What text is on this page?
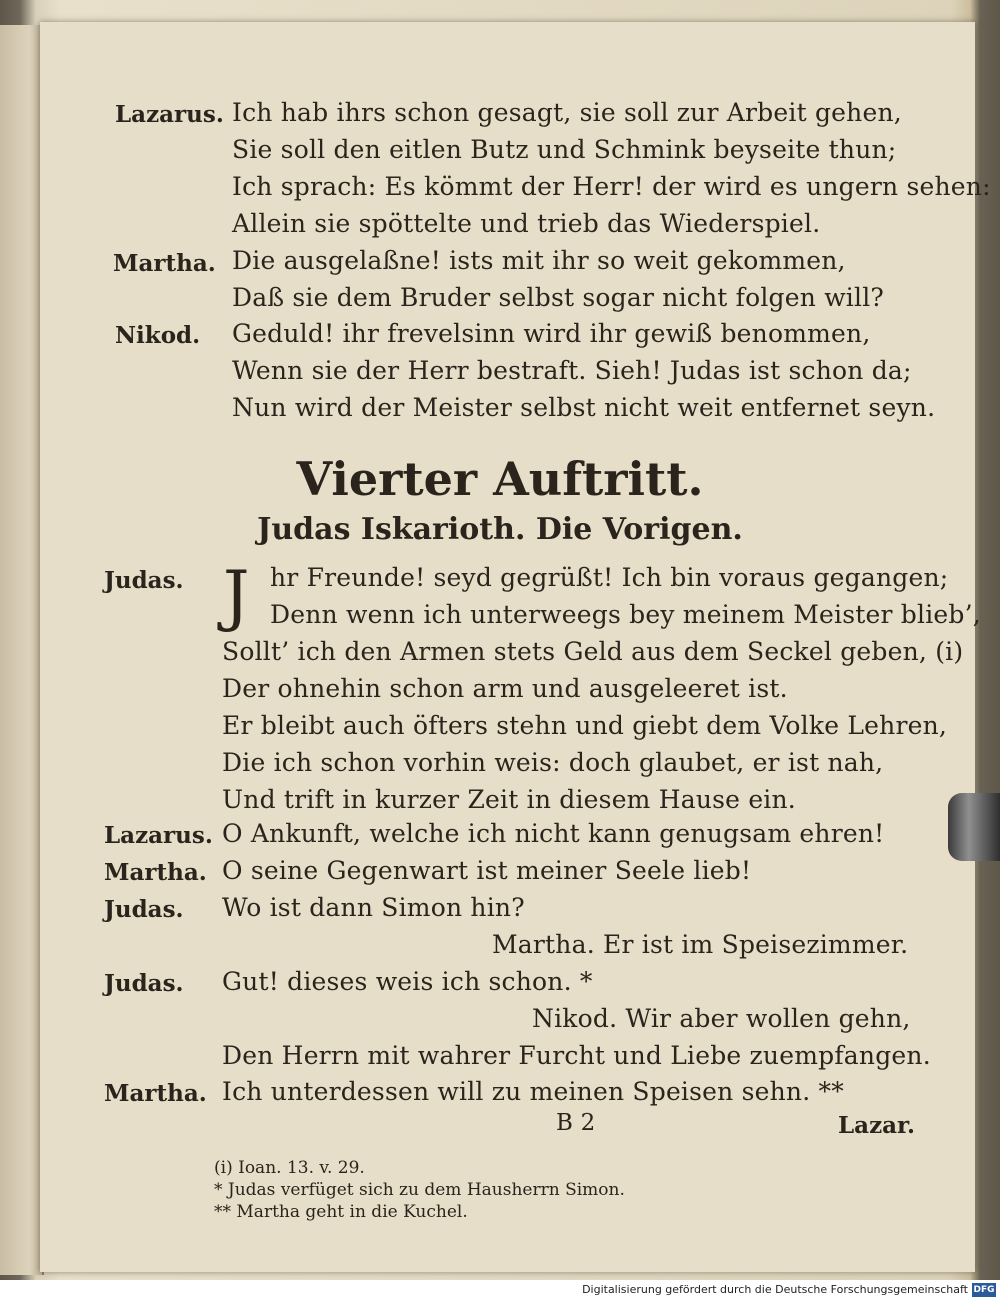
Lazarus. Ich hab ihrs schon gesagt, sie soll zur Arbeit gehen,
Sie soll den eitlen Butz und Schmink beyseite thun;
Ich sprach: Es kömmt der Herr! der wird es ungern sehen:
Allein sie spöttelte und trieb das Wiederspiel.
Martha. Die ausgelaßne! ists mit ihr so weit gekommen,
Daß sie dem Bruder selbst sogar nicht folgen will?
Nikod. Geduld! ihr frevelsinn wird ihr gewiß benommen,
Wenn sie der Herr bestraft. Sieh! Judas ist schon da;
Nun wird der Meister selbst nicht weit entfernet seyn.
Vierter Auftritt.
Judas Iskarioth. Die Vorigen.
Judas. J hr Freunde! seyd gegrüßt! Ich bin voraus gegangen;
Denn wenn ich unterweegs bey meinem Meister blieb’,
Sollt’ ich den Armen stets Geld aus dem Seckel geben, (i)
Der ohnehin schon arm und ausgeleeret ist.
Er bleibt auch öfters stehn und giebt dem Volke Lehren,
Die ich schon vorhin weis: doch glaubet, er ist nah,
Und trift in kurzer Zeit in diesem Hause ein.
Lazarus. O Ankunft, welche ich nicht kann genugsam ehren!
Martha. O seine Gegenwart ist meiner Seele lieb!
Judas. Wo ist dann Simon hin?
Martha. Er ist im Speisezimmer.
Judas. Gut! dieses weis ich schon. *
Nikod. Wir aber wollen gehn,
Den Herrn mit wahrer Furcht und Liebe zuempfangen.
Martha. Ich unterdessen will zu meinen Speisen sehn. **
B 2	Lazar.
(i) Ioan. 13. v. 29.
* Judas verfüget sich zu dem Hausherrn Simon.
** Martha geht in die Kuchel.
Digitalisierung gefördert durch die Deutsche Forschungsgemeinschaft DFG
